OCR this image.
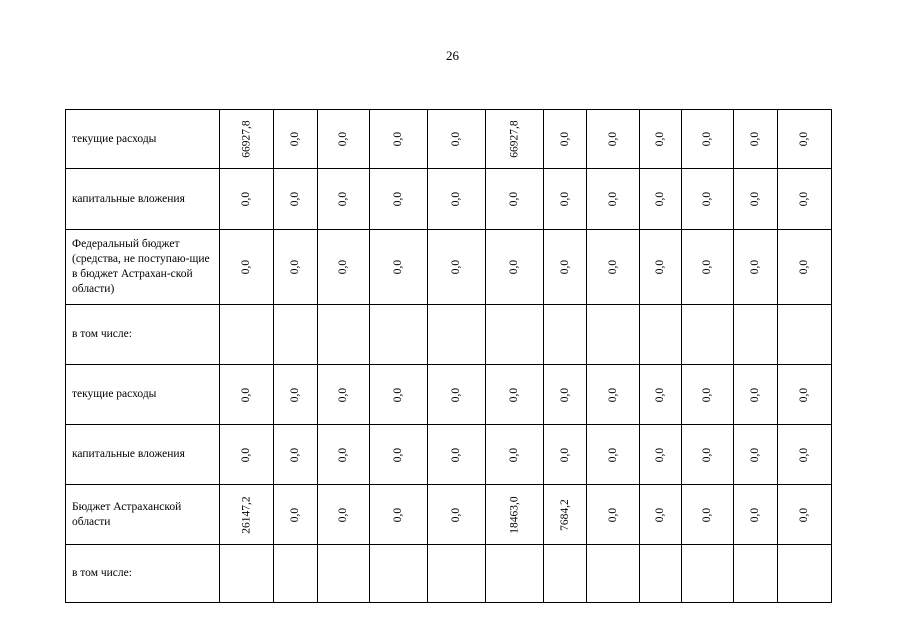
26
текущие расходы	66927,8	0,0	0,0	0,0	0,0	66927,8	0,0	0,0	0,0	0,0	0,0	0,0
капитальные вложения	0,0	0,0	0,0	0,0	0,0	0,0	0,0	0,0	0,0	0,0	0,0	0,0
Федеральный бюджет (средства, не поступаю-щие в бюджет Астрахан-ской области)	0,0	0,0	0,0	0,0	0,0	0,0	0,0	0,0	0,0	0,0	0,0	0,0
в том числе:												
текущие расходы	0,0	0,0	0,0	0,0	0,0	0,0	0,0	0,0	0,0	0,0	0,0	0,0
капитальные вложения	0,0	0,0	0,0	0,0	0,0	0,0	0,0	0,0	0,0	0,0	0,0	0,0
Бюджет Астраханской области	26147,2	0,0	0,0	0,0	0,0	18463,0	7684,2	0,0	0,0	0,0	0,0	0,0
в том числе:												
